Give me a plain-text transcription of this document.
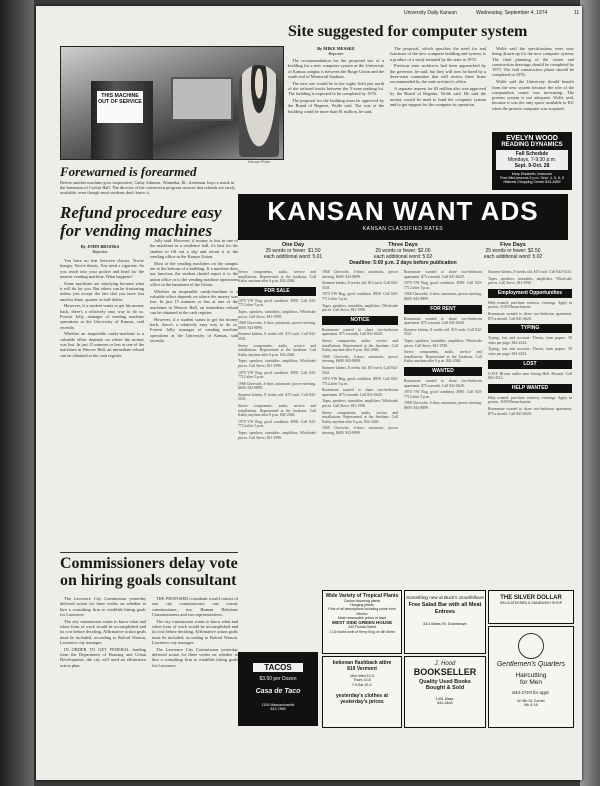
University Daily Kansan	Wednesday, September 4, 1974	11
THIS MACHINE OUT OF SERVICE
Kansan Photo
Forewarned is forearmed
Before another machine goes inoperative, Cathy Johnson, Winnetka, Ill., freshman, buys a snack in the basement of Corbin Hall. The director of the conversion program stresses that refunds are rarely available, even though most students don't know it.
Refund procedure easy for vending machines
By JOHN BROOKS
Reporter

You have no fear between classes. You're hungry. You're thirsty. You need a cigarette. So you reach into your pocket and head for the nearest vending machine. What happens?

Some machines are satisfying because what it will do for you. But others can be frustrating unless you accept the fact that you have lost another dime, quarter or half-dollar.

However, if a student wants to get his money back, there's a relatively easy way to do so. Forrest Jolly, manager of vending machine operations at the University of Kansas, said recently.

Whether an inoperable candy-machine is a valuable effort depends on where the money was lost. In just 15 minutes or less at one of the machines in Wescoe Hall, an immediate refund can be obtained at the cash register.

Jolly said. However, if money is lost in one of the machines in a residence hall, it's best for the student to fill out a slip and return it to the vending office in the Kansas Union.

Most of the vending machines on the campus are at the bottom of a building. If a machine does not function, the student should report it to the union office or to the vending machine operations office in the basement of the Union.

Whether an inoperable candy-machine is a valuable effort depends on where the money was lost. In just 15 minutes or less at one of the machines in Wescoe Hall, an immediate refund can be obtained at the cash register.

However, if a student wants to get his money back, there's a relatively easy way to do so. Forrest Jolly, manager of vending machine operations at the University of Kansas, said recently.

Commissioners delay vote on hiring goals consultant

The Lawrence City Commission yesterday deferred action for three weeks on whether to hire a consulting firm to establish hiring goals for Lawrence.

The city commission wants to know what and when form of work would be accomplished and its cost before deciding. Affirmative action goals must be included, according to Buford Watson, Lawrence city manager.

IN ORDER TO GET FEDERAL funding from the Department of Housing and Urban Development, the city will need an affirmative action plan.

THE PROPOSED consultant would consist of one city commissioner, one county commissioner, two Human Relations Commissioners and two representatives.

The city commission wants to know what and when form of work would be accomplished and its cost before deciding. Affirmative action goals must be included, according to Buford Watson, Lawrence city manager.

The Lawrence City Commission yesterday deferred action for three weeks on whether to hire a consulting firm to establish hiring goals for Lawrence.

Site suggested for computer system
By MIKE MESSKE
Reporter

The recommendation for the proposed site of a building for a new computer system at the University of Kansas campus is between the Burge Union and the south end of Memorial Stadium.

The new site would be in the rugby field just north of the railroad tracks between the Y-zone parking lot. The building is expected to be completed by 1976.

The proposal for the building must be approved by the Board of Regents, Wolfe said. The cost of the building could be more than $1 million, he said.

The proposal, which specifies the need for and functions of the new computer building and system, is a product of a study initiated by the state in 1972.

Previous state architects had been approached by the governor, he said, but they will now be hired by a three-man committee that will review three firms recommended by the state architect's office.

A separate request for $3 million also was approved by the Board of Regents, Wolfe said. He said the money would be used to fund the computer system and to get support for the computer in operation.

Wolfe said the specifications were now being drawn up for the new computer system. The final planning of the center and construction drawings should be completed by 1975. The hall construction phase should be completed in 1976.

Wolfe said the University should benefit from the new system because the role of the computation center was increasing. The present system is not adequate, Wolfe said, because it was the only space available to KU when the present computer was acquired.

EVELYN WOOD
READING DYNAMICS
Fall Schedule
Mondays, 7-9:30 p.m.
Sept. 9-Oct. 28
Mary Elizabeth, instructor
Free Mini-lessons 9 p.m. Sept. 4, 5, 6, 8
Hillcrest Shopping Center 843-4959
KANSAN WANT ADS
KANSAN CLASSIFIED RATES
One Day
25 words or fewer: $1.50
each additional word: 5.01
Three Days
25 words or fewer: $2.00
each additional word: 5.02
Five Days
25 words or fewer: $2.50
each additional word: 5.02
Deadline: 5:00 p.m. 2 days before publication

Stereo components, audio, service and installations. Represented at the Jazzhaus. Call Kathy anytime after 6 p.m. 842-2046.

FOR SALE

1970 VW Bug, good condition. $950. Call 843-7712 after 5 p.m.

Tapes, speakers, turntables, amplifiers. Wholesale prices. Call Steve, 841-1990.

1968 Chevrolet, 4-door, automatic, power steering. $600. 843-8899.

Siamese kittens, 8 weeks old. $15 each. Call 842-5541.

Stereo components, audio, service and installations. Represented at the Jazzhaus. Call Kathy anytime after 6 p.m. 842-2046.

Tapes, speakers, turntables, amplifiers. Wholesale prices. Call Steve, 841-1990.

1970 VW Bug, good condition. $950. Call 843-7712 after 5 p.m.

1968 Chevrolet, 4-door, automatic, power steering. $600. 843-8899.

Siamese kittens, 8 weeks old. $15 each. Call 842-5541.

Stereo components, audio, service and installations. Represented at the Jazzhaus. Call Kathy anytime after 6 p.m. 842-2046.

1970 VW Bug, good condition. $950. Call 843-7712 after 5 p.m.

Tapes, speakers, turntables, amplifiers. Wholesale prices. Call Steve, 841-1990.

1968 Chevrolet, 4-door, automatic, power steering. $600. 843-8899.

Siamese kittens, 8 weeks old. $15 each. Call 842-5541.

1970 VW Bug, good condition. $950. Call 843-7712 after 5 p.m.

Tapes, speakers, turntables, amplifiers. Wholesale prices. Call Steve, 841-1990.

NOTICE

Roommate wanted to share two-bedroom apartment. $75 a month. Call 841-6620.

Stereo components, audio, service and installations. Represented at the Jazzhaus. Call Kathy anytime after 6 p.m. 842-2046.

1968 Chevrolet, 4-door, automatic, power steering. $600. 843-8899.

Siamese kittens, 8 weeks old. $15 each. Call 842-5541.

1970 VW Bug, good condition. $950. Call 843-7712 after 5 p.m.

Roommate wanted to share two-bedroom apartment. $75 a month. Call 841-6620.

Tapes, speakers, turntables, amplifiers. Wholesale prices. Call Steve, 841-1990.

Stereo components, audio, service and installations. Represented at the Jazzhaus. Call Kathy anytime after 6 p.m. 842-2046.

1968 Chevrolet, 4-door, automatic, power steering. $600. 843-8899.

Roommate wanted to share two-bedroom apartment. $75 a month. Call 841-6620.

1970 VW Bug, good condition. $950. Call 843-7712 after 5 p.m.

1968 Chevrolet, 4-door, automatic, power steering. $600. 843-8899.

FOR RENT

Roommate wanted to share two-bedroom apartment. $75 a month. Call 841-6620.

Siamese kittens, 8 weeks old. $15 each. Call 842-5541.

Tapes, speakers, turntables, amplifiers. Wholesale prices. Call Steve, 841-1990.

Stereo components, audio, service and installations. Represented at the Jazzhaus. Call Kathy anytime after 6 p.m. 842-2046.

WANTED

Roommate wanted to share two-bedroom apartment. $75 a month. Call 841-6620.

1970 VW Bug, good condition. $950. Call 843-7712 after 5 p.m.

1968 Chevrolet, 4-door, automatic, power steering. $600. 843-8899.

Siamese kittens, 8 weeks old. $15 each. Call 842-5541.

Tapes, speakers, turntables, amplifiers. Wholesale prices. Call Steve, 841-1990.

Employment Opportunities

Help wanted: part-time waitress, evenings. Apply in person, 1100 Massachusetts.

Roommate wanted to share two-bedroom apartment. $75 a month. Call 841-6620.

TYPING

Typing, fast and accurate. Theses, term papers. 50 cents per page. 843-2234.

Typing, fast and accurate. Theses, term papers. 50 cents per page. 843-2234.

LOST

LOST: Brown wallet near Strong Hall. Reward. Call 864-4512.

HELP WANTED

Help wanted: part-time waitress, evenings. Apply in person, 1100 Massachusetts.

Roommate wanted to share two-bedroom apartment. $75 a month. Call 841-6620.

TACOS
$3.50 per Dozen
Casa de Taco
1105 Massachusetts
843-7865
Wide Variety of Tropical Plants
Cactus blooming plants
Hanging plants
Pots of all descriptions including some from Mexico
Most reasonable prices in town
WEST SIDE GREEN HOUSE
443 Florida Street
1 1/2 blocks north of Henry King, on 6th Street
bekonan flashback attire
819 Vermont
Mon-Wed 10-5
Thurs 10-8
Fri-Sat 10-5
yesterday's clothes at yesterday's prices
Something new at Buck's Goodfellows
Free Salad Bar with all Meat Entrees
814 Mass St. Downtown
J. Hood
BOOKSELLER
Quality Used Books
Bought & Sold
1401 Mass.
841-4644
THE SILVER DOLLAR
DELICATESSEN & SANDWICH SHOP
Gentlemen's Quarters
Haircutting
for Men
843-2719 for appt.
W. 6th St. Corner
9th & 16
